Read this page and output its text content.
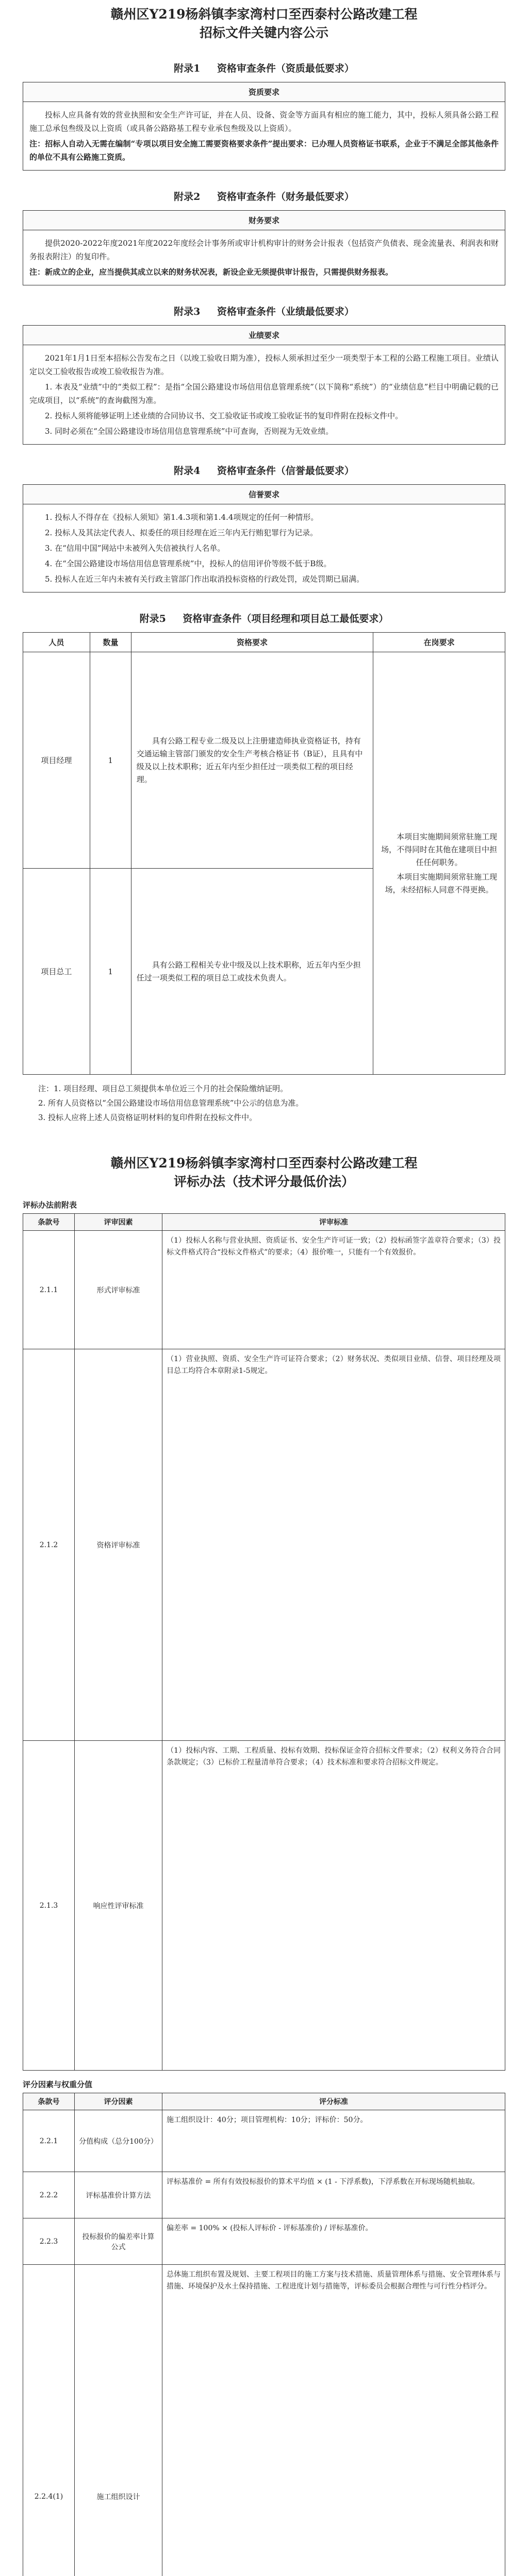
赣州区Y219杨斜镇李家湾村口至西泰村公路改建工程
招标文件关键内容公示
附录1 资格审查条件（资质最低要求）
资质要求

投标人应具备有效的营业执照和安全生产许可证，并在人员、设备、资金等方面具有相应的施工能力，其中，投标人须具备公路工程施工总承包叁级及以上资质（或具备公路路基工程专业承包叁级及以上资质）。

注：招标人自动入无需在编制“专项以项目安全施工需要资格要求条件”提出要求：已办理人员资格证书联系，企业于不满足全部其他条件的单位不具有公路施工资质。

附录2 资格审查条件（财务最低要求）
财务要求

提供2020-2022年度2021年度2022年度经会计事务所或审计机构审计的财务会计报表（包括资产负债表、现金流量表、利润表和财务报表附注）的复印件。

注：新成立的企业，应当提供其成立以来的财务状况表，新设企业无须提供审计报告，只需提供财务报表。

附录3 资格审查条件（业绩最低要求）
业绩要求

2021年1月1日至本招标公告发布之日（以竣工验收日期为准），投标人须承担过至少一项类型于本工程的公路工程施工项目。业绩认定以交工验收报告或竣工验收报告为准。

1. 本表及“业绩”中的“类似工程”：是指“全国公路建设市场信用信息管理系统”（以下简称“系统”）的“业绩信息”栏目中明确记载的已完成项目，以“系统”的查询截图为准。

2. 投标人须将能够证明上述业绩的合同协议书、交工验收证书或竣工验收证书的复印件附在投标文件中。

3. 同时必须在“全国公路建设市场信用信息管理系统”中可查询，否则视为无效业绩。

附录4 资格审查条件（信誉最低要求）
信誉要求

1. 投标人不得存在《投标人须知》第1.4.3项和第1.4.4项规定的任何一种情形。

2. 投标人及其法定代表人、拟委任的项目经理在近三年内无行贿犯罪行为记录。

3. 在“信用中国”网站中未被列入失信被执行人名单。

4. 在“全国公路建设市场信用信息管理系统”中，投标人的信用评价等级不低于B级。

5. 投标人在近三年内未被有关行政主管部门作出取消投标资格的行政处罚，或处罚期已届满。

附录5 资格审查条件（项目经理和项目总工最低要求）
人员	数量	资格要求	在岗要求
项目经理	1	具有公路工程专业二级及以上注册建造师执业资格证书，持有交通运输主管部门颁发的安全生产考核合格证书（B证），且具有中级及以上技术职称；近五年内至少担任过一项类似工程的项目经理。	本项目实施期间须常驻施工现场，不得同时在其他在建项目中担任任何职务。

本项目实施期间须常驻施工现场，未经招标人同意不得更换。

项目总工	1	具有公路工程相关专业中级及以上技术职称，近五年内至少担任过一项类似工程的项目总工或技术负责人。	

注：1. 项目经理、项目总工须提供本单位近三个月的社会保险缴纳证明。

2. 所有人员资格以“全国公路建设市场信用信息管理系统”中公示的信息为准。

3. 投标人应将上述人员资格证明材料的复印件附在投标文件中。

赣州区Y219杨斜镇李家湾村口至西泰村公路改建工程
评标办法（技术评分最低价法）
评标办法前附表
条款号	评审因素	评审标准
2.1.1	形式评审标准	（1）投标人名称与营业执照、资质证书、安全生产许可证一致；（2）投标函签字盖章符合要求；（3）投标文件格式符合“投标文件格式”的要求；（4）报价唯一，只能有一个有效报价。

2.1.2	资格评审标准	（1）营业执照、资质、安全生产许可证符合要求；（2）财务状况、类似项目业绩、信誉、项目经理及项目总工均符合本章附录1-5规定。

2.1.3	响应性评审标准	（1）投标内容、工期、工程质量、投标有效期、投标保证金符合招标文件要求；（2）权利义务符合合同条款规定；（3）已标价工程量清单符合要求；（4）技术标准和要求符合招标文件规定。

评分因素与权重分值
条款号	评分因素	评分标准
2.2.1	分值构成（总分100分）	施工组织设计：40分；项目管理机构：10分；评标价：50分。

2.2.2	评标基准价计算方法	评标基准价 = 所有有效投标报价的算术平均值 × (1 - 下浮系数)，下浮系数在开标现场随机抽取。

2.2.3	投标报价的偏差率计算公式	偏差率 = 100% × (投标人评标价 - 评标基准价) / 评标基准价。

2.2.4(1)	施工组织设计	总体施工组织布置及规划、主要工程项目的施工方案与技术措施、质量管理体系与措施、安全管理体系与措施、环境保护及水土保持措施、工程进度计划与措施等，评标委员会根据合理性与可行性分档评分。
